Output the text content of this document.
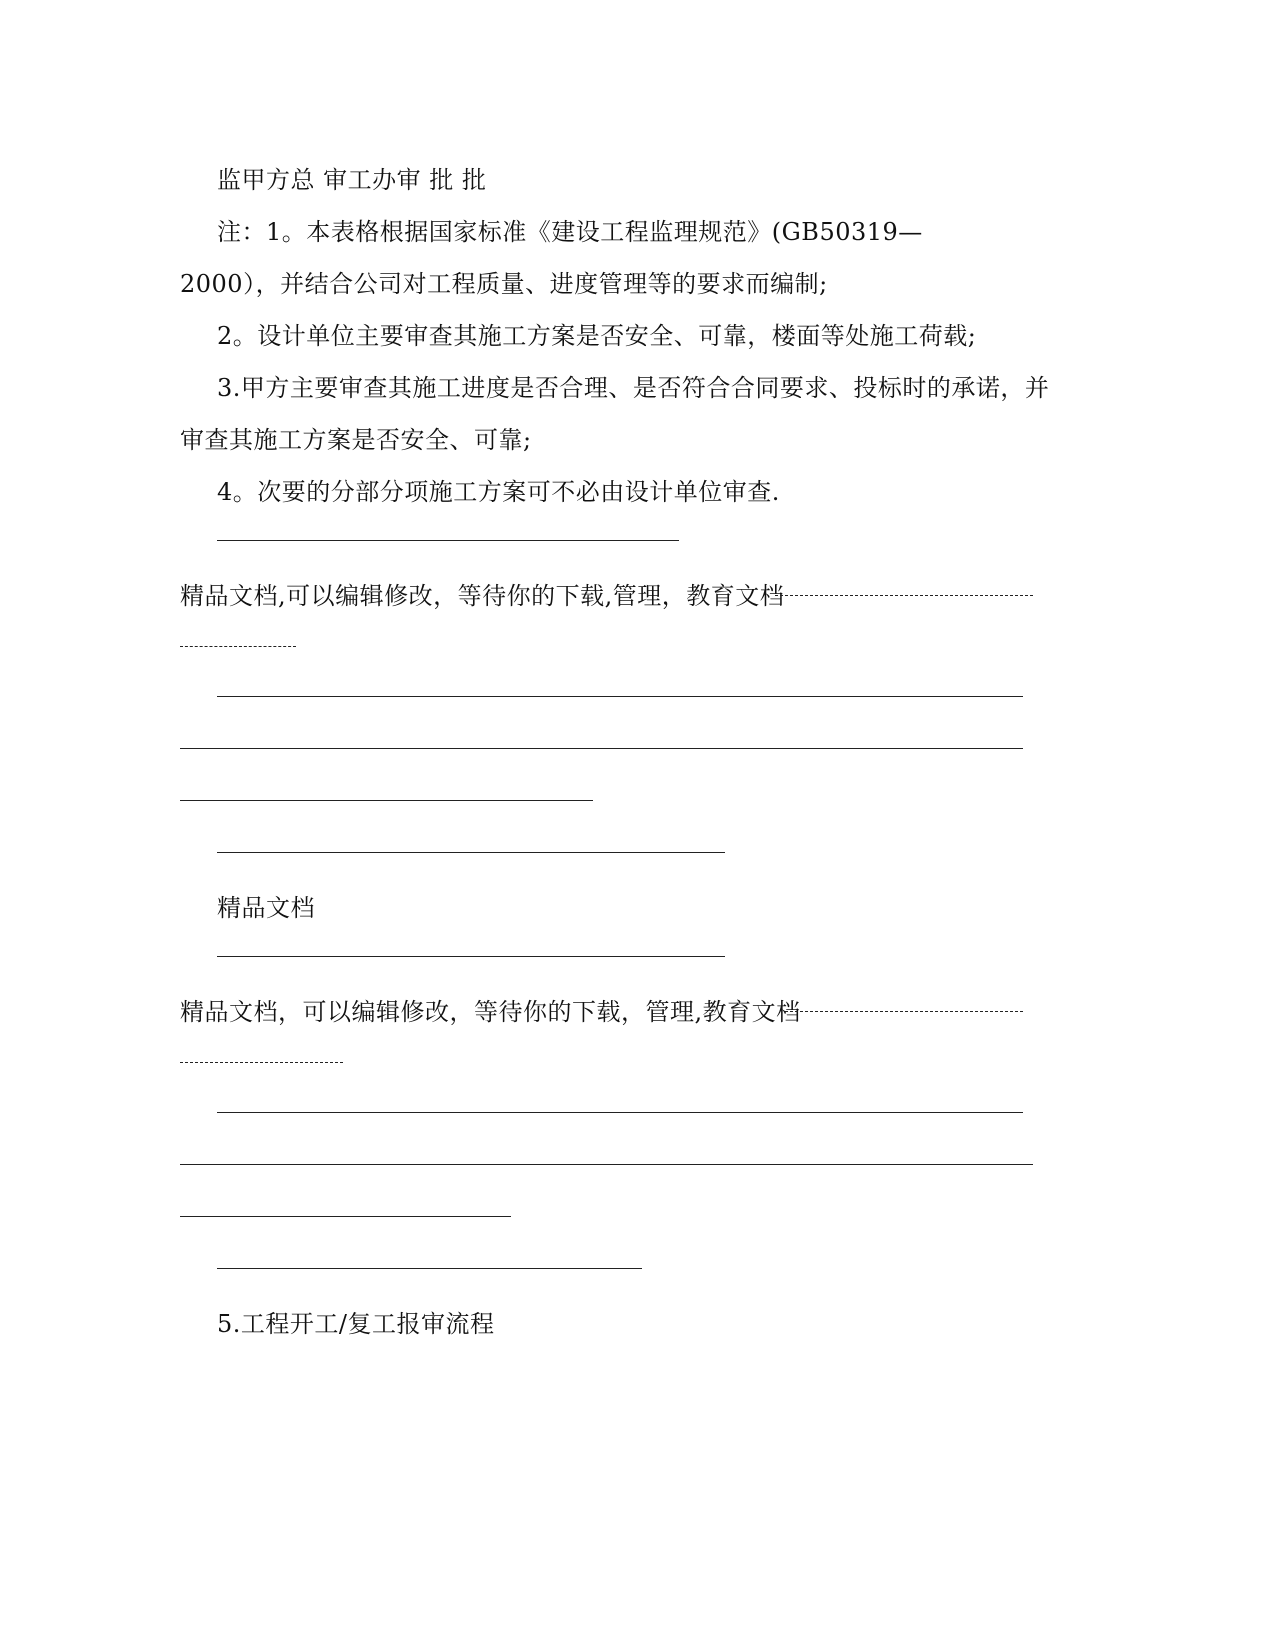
监甲方总 审工办审 批 批
注：1。本表格根据国家标准《建设工程监理规范》(GB50319—
2000），并结合公司对工程质量、进度管理等的要求而编制;
2。设计单位主要审查其施工方案是否安全、可靠，楼面等处施工荷载;
3.甲方主要审查其施工进度是否合理、是否符合合同要求、投标时的承诺，并
审查其施工方案是否安全、可靠;
4。次要的分部分项施工方案可不必由设计单位审查.
精品文档,可以编辑修改，等待你的下载,管理，教育文档
精品文档
精品文档，可以编辑修改，等待你的下载，管理,教育文档
5.工程开工/复工报审流程
